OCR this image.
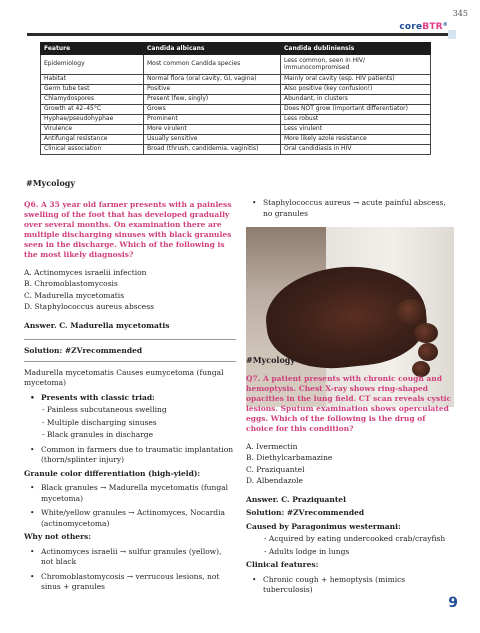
345
coreBTR®
Feature	Candida albicans	Candida dubliniensis
Epidemiology	Most common Candida species	Less common, seen in HIV/ immunocompromised
Habitat	Normal flora (oral cavity, GI, vagina)	Mainly oral cavity (esp. HIV patients)
Germ tube test	Positive	Also positive (key confusion!)
Chlamydospores	Present (few, singly)	Abundant, in clusters
Growth at 42–45°C	Grows	Does NOT grow (important differentiator)
Hyphae/pseudohyphae	Prominent	Less robust
Virulence	More virulent	Less virulent
Antifungal resistance	Usually sensitive	More likely azole resistance
Clinical association	Broad (thrush, candidemia, vaginitis)	Oral candidiasis in HIV
#Mycology
Q6. A 35 year old farmer presents with a painless swelling of the foot that has developed gradually over several months. On examination there are multiple discharging sinuses with black granules seen in the discharge. Which of the following is the most likely diagnosis?
A. Actinomyces israelii infection
B. Chromoblastomycosis
C. Madurella mycetomatis
D. Staphylococcus aureus abscess
Answer. C. Madurella mycetomatis
Solution: #ZVrecommended
Madurella mycetomatis Causes eumycetoma (fungal mycetoma)
• Presents with classic triad:
- Painless subcutaneous swelling
- Multiple discharging sinuses
- Black granules in discharge
• Common in farmers due to traumatic implantation (thorn/splinter injury)
Granule color differentiation (high-yield):
• Black granules → Madurella mycetomatis (fungal mycetoma)
• White/yellow granules → Actinomyces, Nocardia (actinomycetoma)
Why not others:
• Actinomyces israelii → sulfur granules (yellow), not black
• Chromoblastomycosis → verrucous lesions, not sinus + granules
• Staphylococcus aureus → acute painful abscess, no granules
#Mycology
Q7. A patient presents with chronic cough and hemoptysis. Chest X-ray shows ring-shaped opacities in the lung field. CT scan reveals cystic lesions. Sputum examination shows operculated eggs. Which of the following is the drug of choice for this condition?
A. Ivermectin
B. Diethylcarbamazine
C. Praziquantel
D. Albendazole
Answer. C. Praziquantel
Solution: #ZVrecommended
Caused by Paragonimus westermani:
- Acquired by eating undercooked crab/crayfish
- Adults lodge in lungs
Clinical features:
• Chronic cough + hemoptysis (mimics tuberculosis)
9
